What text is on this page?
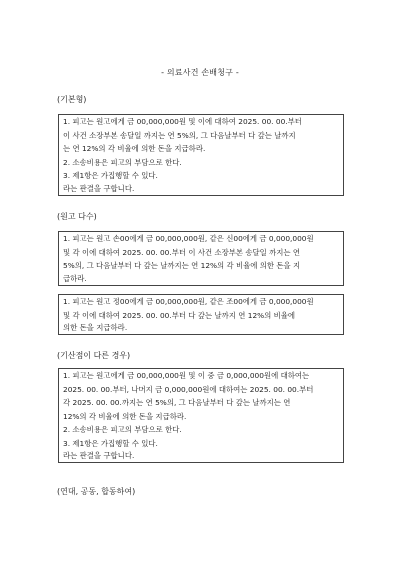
- 의료사건 손배청구 -
(기본형)
1. 피고는 원고에게 금 00,000,000원 및 이에 대하여 2025. 00. 00.부터
이 사건 소장부본 송달일 까지는 연 5%의, 그 다음날부터 다 갚는 날까지
는 연 12%의 각 비율에 의한 돈을 지급하라.
2. 소송비용은 피고의 부담으로 한다.
3. 제1항은 가집행할 수 있다.
라는 판결을 구합니다.
(원고 다수)
1. 피고는 원고 손00에게 금 00,000,000원, 같은 신00에게 금 0,000,000원
및 각 이에 대하여 2025. 00. 00.부터 이 사건 소장부본 송달일 까지는 연
5%의, 그 다음날부터 다 갚는 날까지는 연 12%의 각 비율에 의한 돈을 지
급하라.
1. 피고는 원고 정00에게 금 00,000,000원, 같은 조00에게 금 0,000,000원
및 각 이에 대하여 2025. 00. 00.부터 다 갚는 날까지 연 12%의 비율에
의한 돈을 지급하라.
(기산점이 다른 경우)
1. 피고는 원고에게 금 00,000,000원 및 이 중 금 0,000,000원에 대하여는
2025. 00. 00.부터, 나머지 금 0,000,000원에 대하여는 2025. 00. 00.부터
각 2025. 00. 00.까지는 연 5%의, 그 다음날부터 다 갚는 날까지는 연
12%의 각 비율에 의한 돈을 지급하라.
2. 소송비용은 피고의 부담으로 한다.
3. 제1항은 가집행할 수 있다.
라는 판결을 구합니다.
(연대, 공동, 합동하여)
